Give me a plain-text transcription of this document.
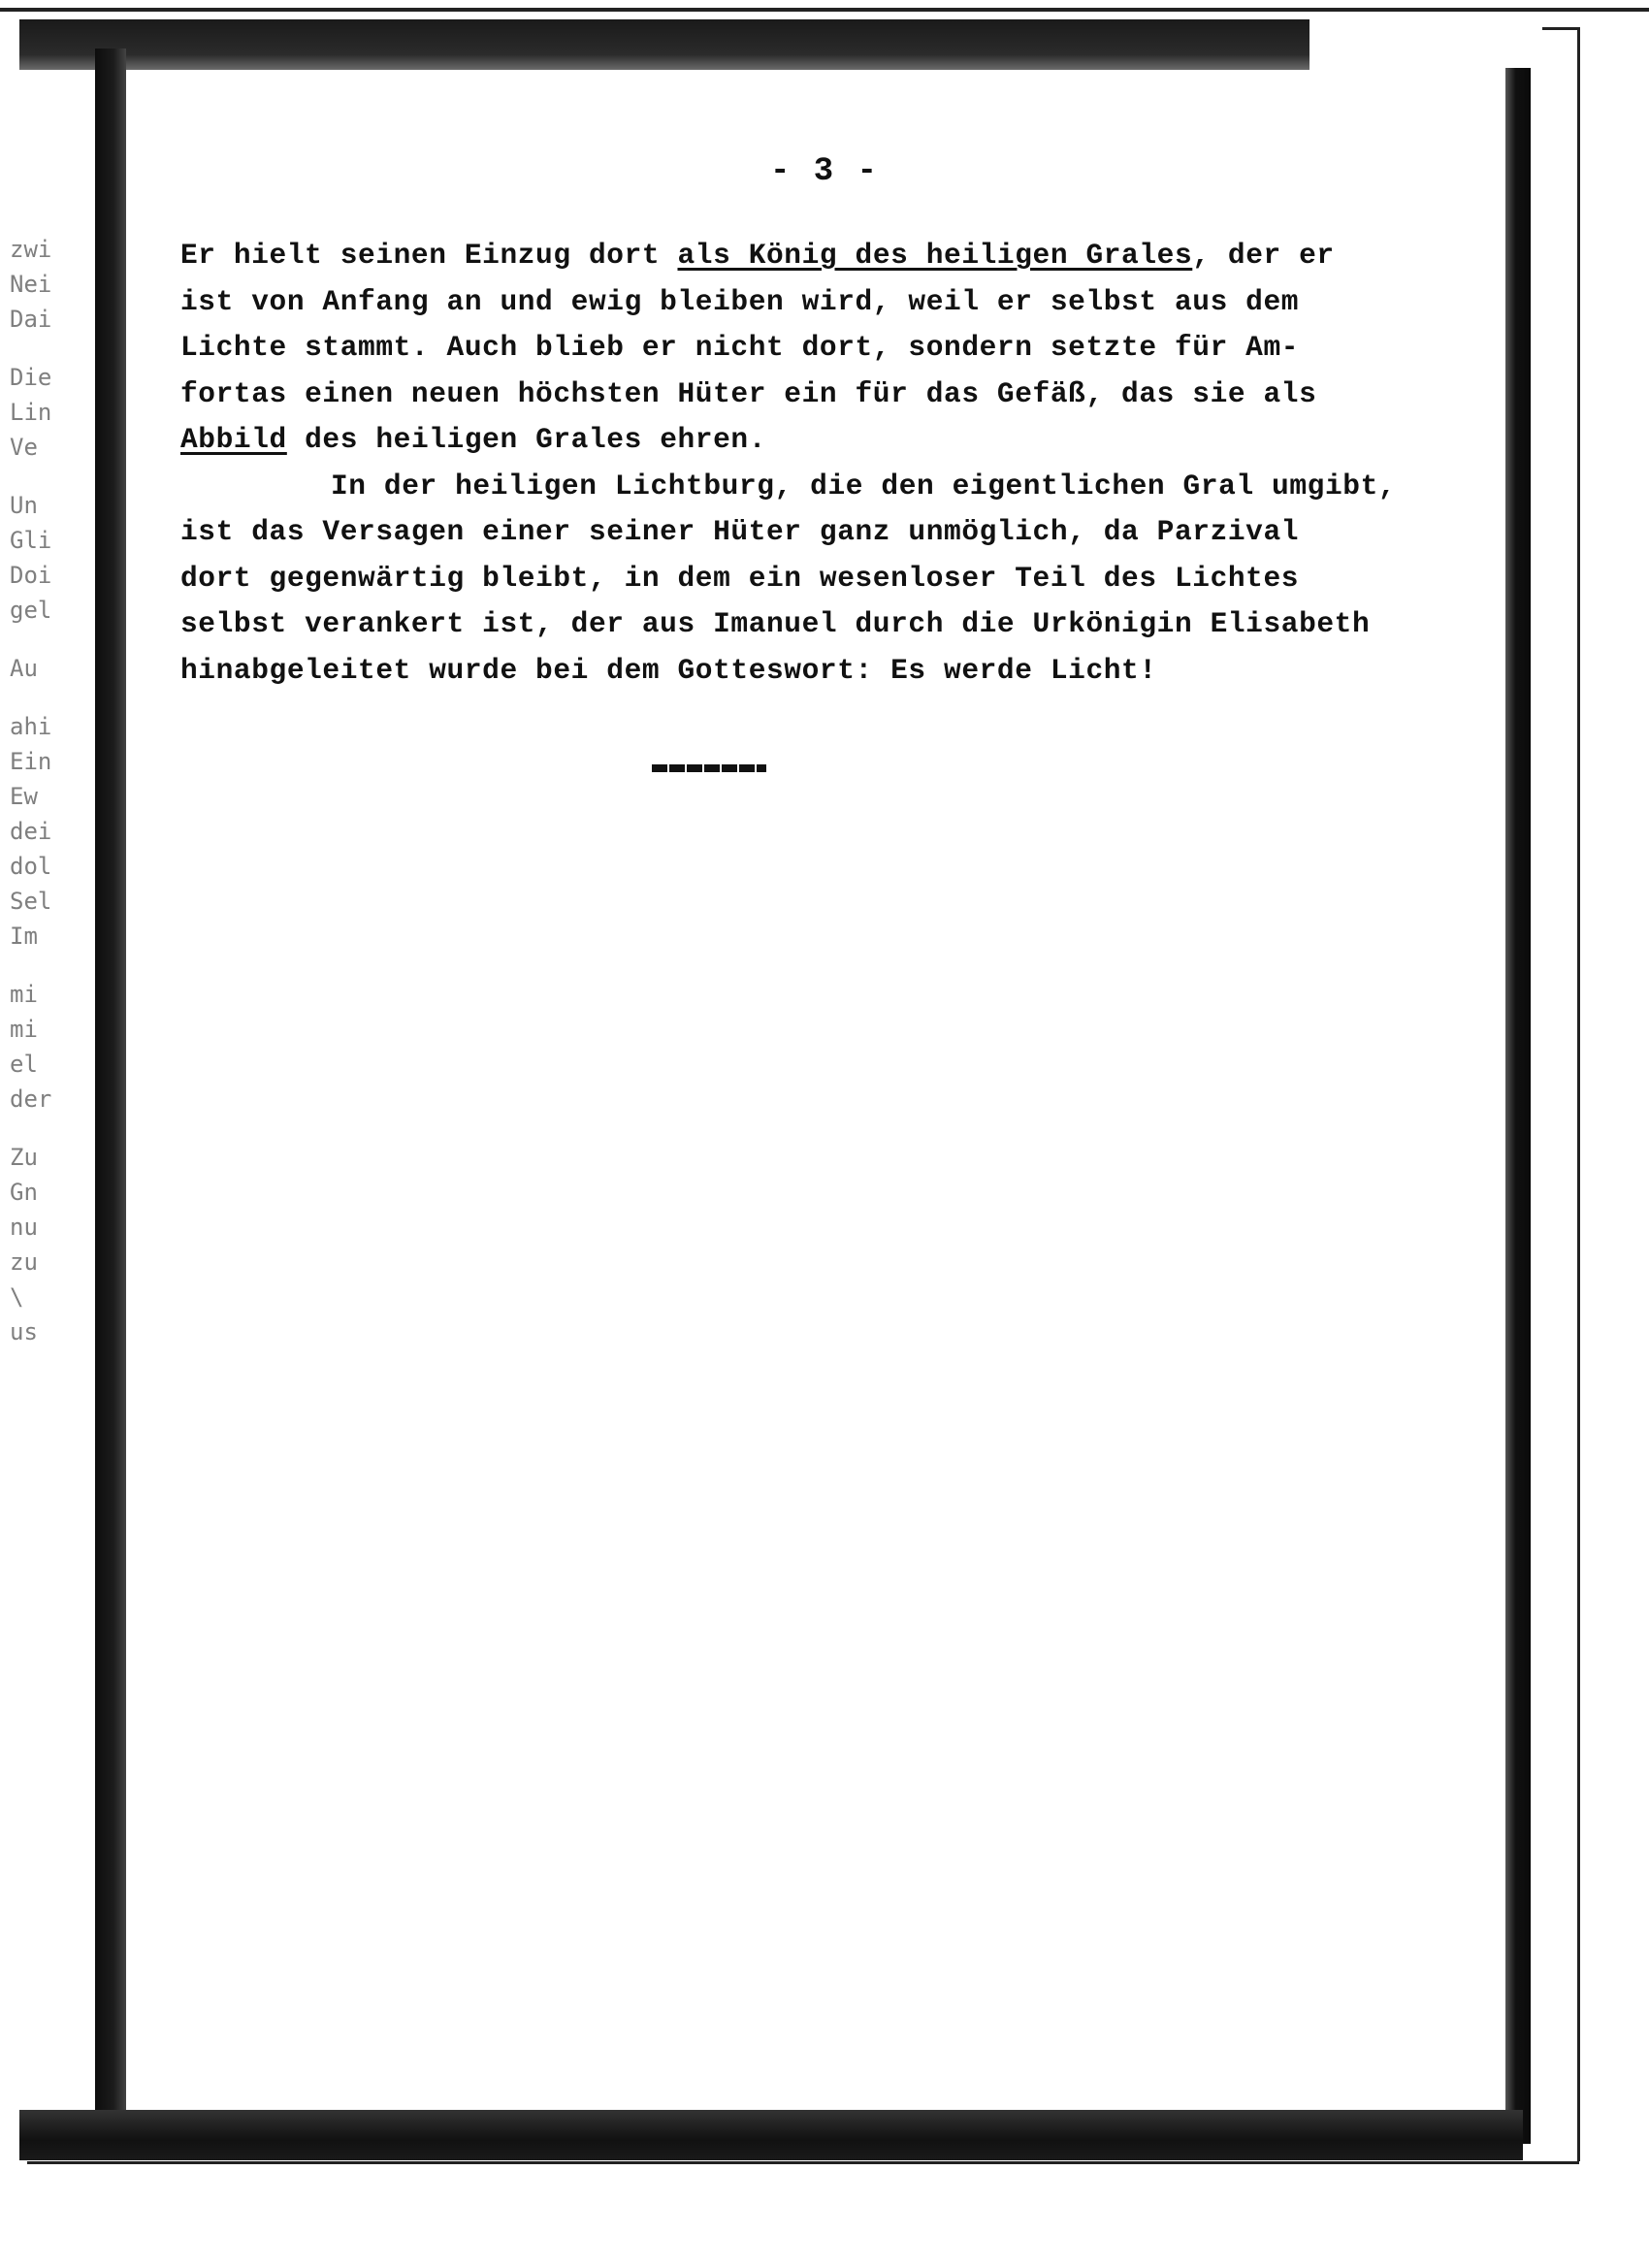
zwi
Nei
Dai
Die
Lin
Ve
Un
Gli
Doi
gel
Au
ahi
Ein
Ew
dei
dol
Sel
Im
mi
mi
el
der
Zu
Gn
nu
zu
\
us
- 3 -
Er hielt seinen Einzug dort als König des heiligen Grales, der er
ist von Anfang an und ewig bleiben wird, weil er selbst aus dem
Lichte stammt. Auch blieb er nicht dort, sondern setzte für Am-
fortas einen neuen höchsten Hüter ein für das Gefäß, das sie als
Abbild des heiligen Grales ehren.
In der heiligen Lichtburg, die den eigentlichen Gral umgibt,
ist das Versagen einer seiner Hüter ganz unmöglich, da Parzival
dort gegenwärtig bleibt, in dem ein wesenloser Teil des Lichtes
selbst verankert ist, der aus Imanuel durch die Urkönigin Elisabeth
hinabgeleitet wurde bei dem Gotteswort: Es werde Licht!
